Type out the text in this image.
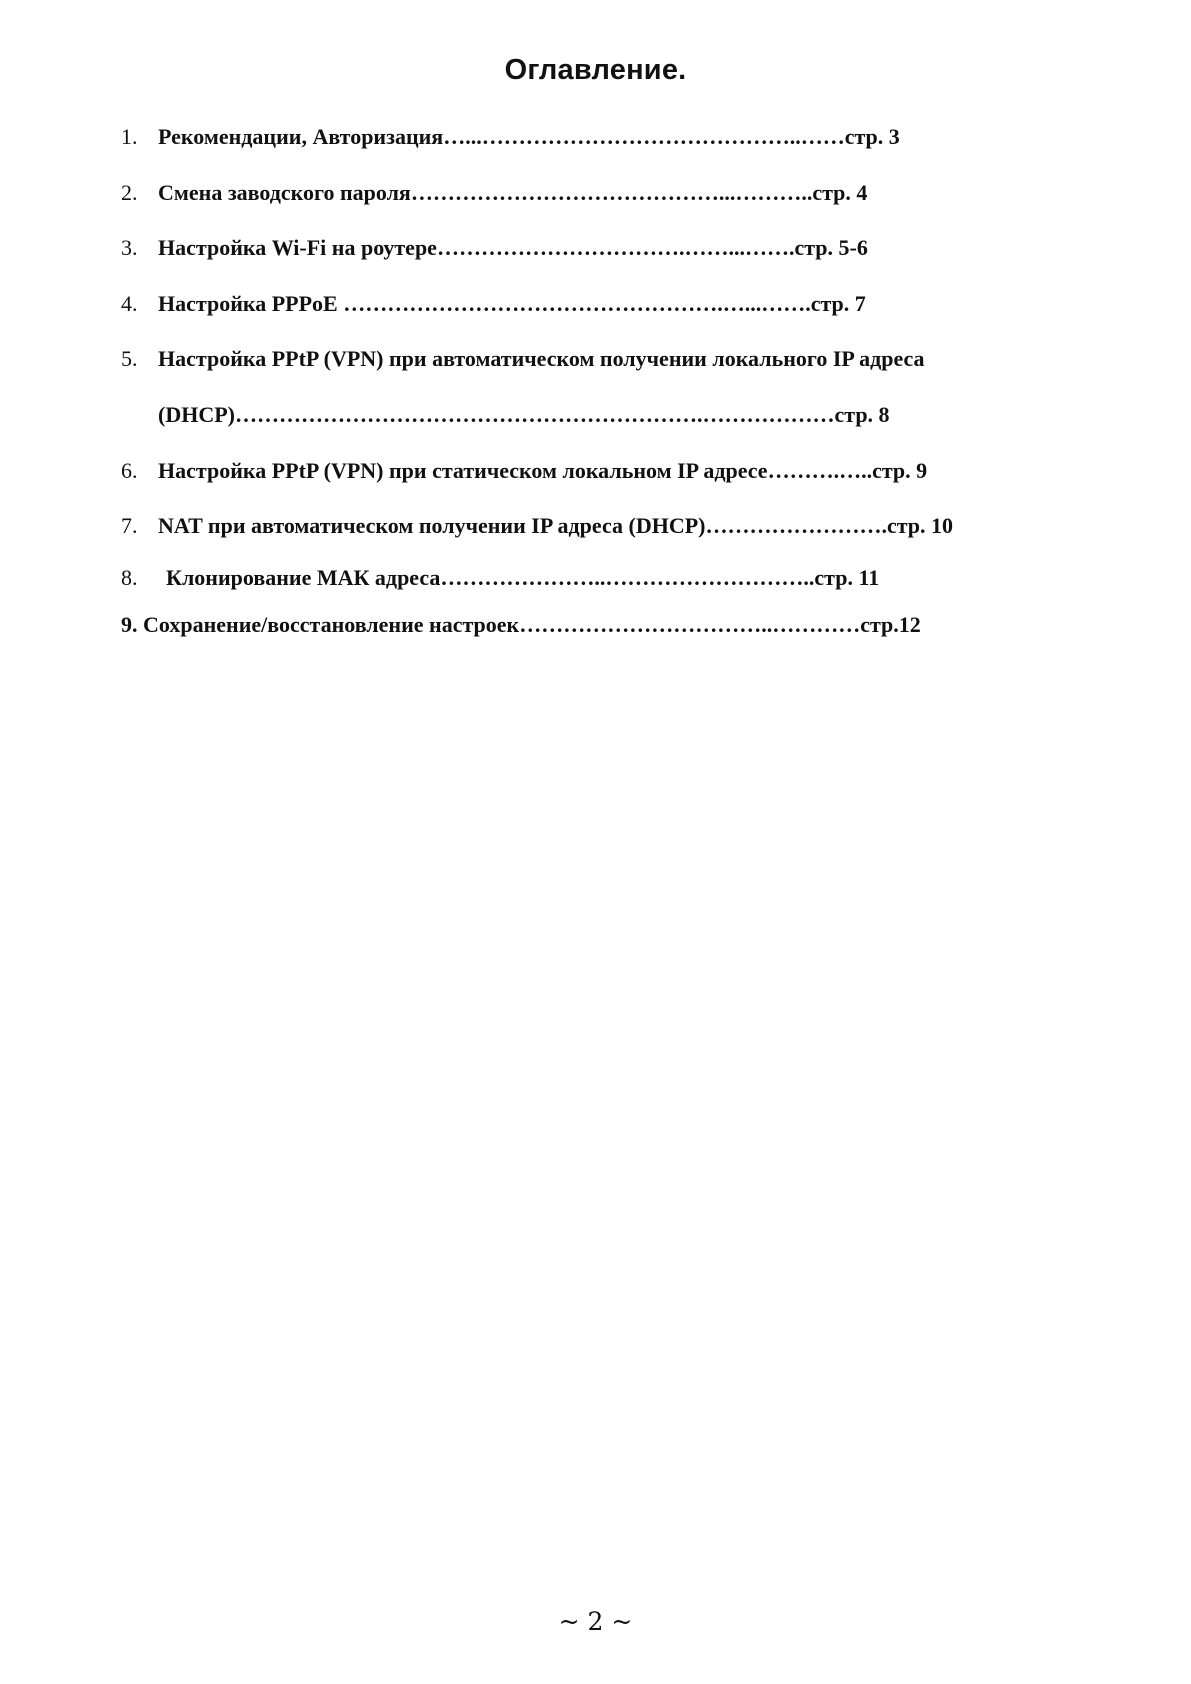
Оглавление.
1. Рекомендации, Авторизация…...……………………………………..……стр. 3
2. Смена заводского пароля……………………………………...………..стр. 4
3. Настройка Wi-Fi на роутере…………………………….……...…….стр. 5-6
4. Настройка PPPoE …………………………………………….…...…….стр. 7
5. Настройка PPtP (VPN) при автоматическом получении локального IP адреса
(DHCP)……………………………………………………….………………стр. 8
6. Настройка PPtP (VPN) при статическом локальном IP адресе……….…..стр. 9
7. NAT при автоматическом получении IP адреса (DHCP)…………………….стр. 10
8. Клонирование МАК адреса…………………..………………………..стр. 11
9. Сохранение/восстановление настроек……………………………..…………стр.12
~ 2 ~
